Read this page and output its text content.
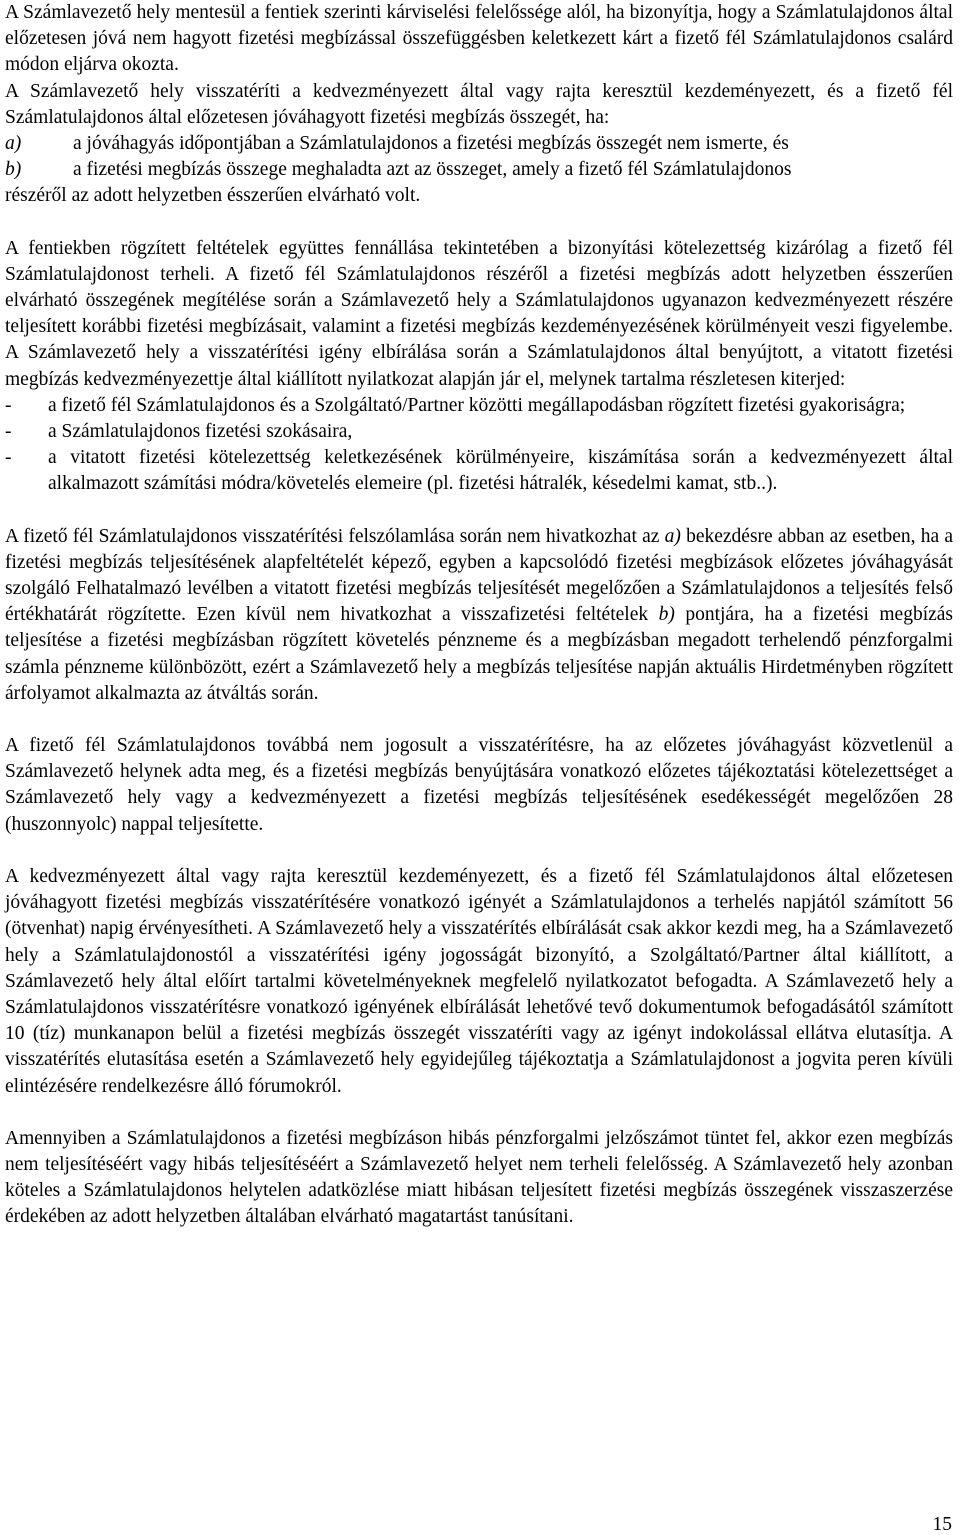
A Számlavezető hely mentesül a fentiek szerinti kárviselési felelőssége alól, ha bizonyítja, hogy a Számlatulajdonos által előzetesen jóvá nem hagyott fizetési megbízással összefüggésben keletkezett kárt a fizető fél Számlatulajdonos csalárd módon eljárva okozta.

A Számlavezető hely visszatéríti a kedvezményezett által vagy rajta keresztül kezdeményezett, és a fizető fél Számlatulajdonos által előzetesen jóváhagyott fizetési megbízás összegét, ha:

a)	a jóváhagyás időpontjában a Számlatulajdonos a fizetési megbízás összegét nem ismerte, és
b)	a fizetési megbízás összege meghaladta azt az összeget, amely a fizető fél Számlatulajdonos

részéről az adott helyzetben ésszerűen elvárható volt.

A fentiekben rögzített feltételek együttes fennállása tekintetében a bizonyítási kötelezettség kizárólag a fizető fél Számlatulajdonost terheli. A fizető fél Számlatulajdonos részéről a fizetési megbízás adott helyzetben ésszerűen elvárható összegének megítélése során a Számlavezető hely a Számlatulajdonos ugyanazon kedvezményezett részére teljesített korábbi fizetési megbízásait, valamint a fizetési megbízás kezdeményezésének körülményeit veszi figyelembe. A Számlavezető hely a visszatérítési igény elbírálása során a Számlatulajdonos által benyújtott, a vitatott fizetési megbízás kedvezményezettje által kiállított nyilatkozat alapján jár el, melynek tartalma részletesen kiterjed:

-	a fizető fél Számlatulajdonos és a Szolgáltató/Partner közötti megállapodásban rögzített fizetési gyakoriságra;
-	a Számlatulajdonos fizetési szokásaira,
-	a vitatott fizetési kötelezettség keletkezésének körülményeire, kiszámítása során a kedvezményezett által alkalmazott számítási módra/követelés elemeire (pl. fizetési hátralék, késedelmi kamat, stb..).

A fizető fél Számlatulajdonos visszatérítési felszólamlása során nem hivatkozhat az a) bekezdésre abban az esetben, ha a fizetési megbízás teljesítésének alapfeltételét képező, egyben a kapcsolódó fizetési megbízások előzetes jóváhagyását szolgáló Felhatalmazó levélben a vitatott fizetési megbízás teljesítését megelőzően a Számlatulajdonos a teljesítés felső értékhatárát rögzítette. Ezen kívül nem hivatkozhat a visszafizetési feltételek b) pontjára, ha a fizetési megbízás teljesítése a fizetési megbízásban rögzített követelés pénzneme és a megbízásban megadott terhelendő pénzforgalmi számla pénzneme különbözött, ezért a Számlavezető hely a megbízás teljesítése napján aktuális Hirdetményben rögzített árfolyamot alkalmazta az átváltás során.

A fizető fél Számlatulajdonos továbbá nem jogosult a visszatérítésre, ha az előzetes jóváhagyást közvetlenül a Számlavezető helynek adta meg, és a fizetési megbízás benyújtására vonatkozó előzetes tájékoztatási kötelezettséget a Számlavezető hely vagy a kedvezményezett a fizetési megbízás teljesítésének esedékességét megelőzően 28 (huszonnyolc) nappal teljesítette.

A kedvezményezett által vagy rajta keresztül kezdeményezett, és a fizető fél Számlatulajdonos által előzetesen jóváhagyott fizetési megbízás visszatérítésére vonatkozó igényét a Számlatulajdonos a terhelés napjától számított 56 (ötvenhat) napig érvényesítheti. A Számlavezető hely a visszatérítés elbírálását csak akkor kezdi meg, ha a Számlavezető hely a Számlatulajdonostól a visszatérítési igény jogosságát bizonyító, a Szolgáltató/Partner által kiállított, a Számlavezető hely által előírt tartalmi követelményeknek megfelelő nyilatkozatot befogadta. A Számlavezető hely a Számlatulajdonos visszatérítésre vonatkozó igényének elbírálását lehetővé tevő dokumentumok befogadásától számított 10 (tíz) munkanapon belül a fizetési megbízás összegét visszatéríti vagy az igényt indokolással ellátva elutasítja. A visszatérítés elutasítása esetén a Számlavezető hely egyidejűleg tájékoztatja a Számlatulajdonost a jogvita peren kívüli elintézésére rendelkezésre álló fórumokról.

Amennyiben a Számlatulajdonos a fizetési megbízáson hibás pénzforgalmi jelzőszámot tüntet fel, akkor ezen megbízás nem teljesítéséért vagy hibás teljesítéséért a Számlavezető helyet nem terheli felelősség. A Számlavezető hely azonban köteles a Számlatulajdonos helytelen adatközlése miatt hibásan teljesített fizetési megbízás összegének visszaszerzése érdekében az adott helyzetben általában elvárható magatartást tanúsítani.

15
